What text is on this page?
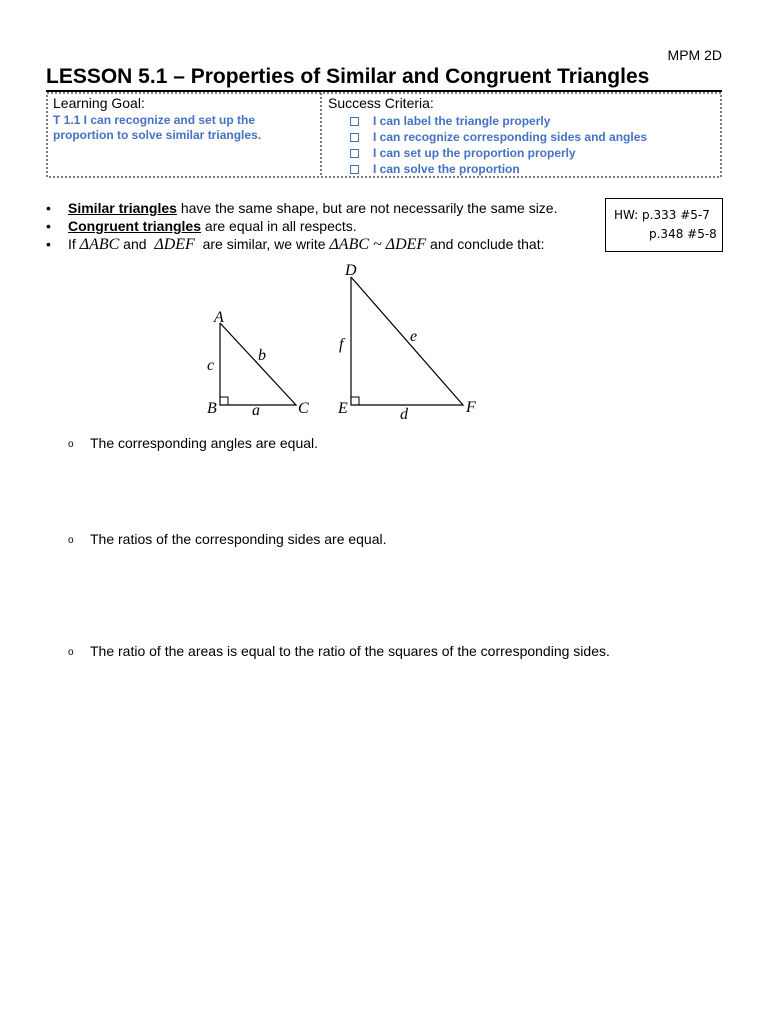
MPM 2D
LESSON 5.1 – Properties of Similar and Congruent Triangles
Learning Goal:
T 1.1 I can recognize and set up the proportion to solve similar triangles.
Success Criteria:
I can label the triangle properly
I can recognize corresponding sides and angles
I can set up the proportion properly
I can solve the proportion
HW: p.333 #5-7
p.348 #5-8
• Similar triangles have the same shape, but are not necessarily the same size.
• Congruent triangles are equal in all respects.
• If ΔABC and  ΔDEF  are similar, we write ΔABC ~ ΔDEF and conclude that:
A
B	C
a
b
c
D
E	F
d
e
f
o The corresponding angles are equal.
o The ratios of the corresponding sides are equal.
o The ratio of the areas is equal to the ratio of the squares of the corresponding sides.
